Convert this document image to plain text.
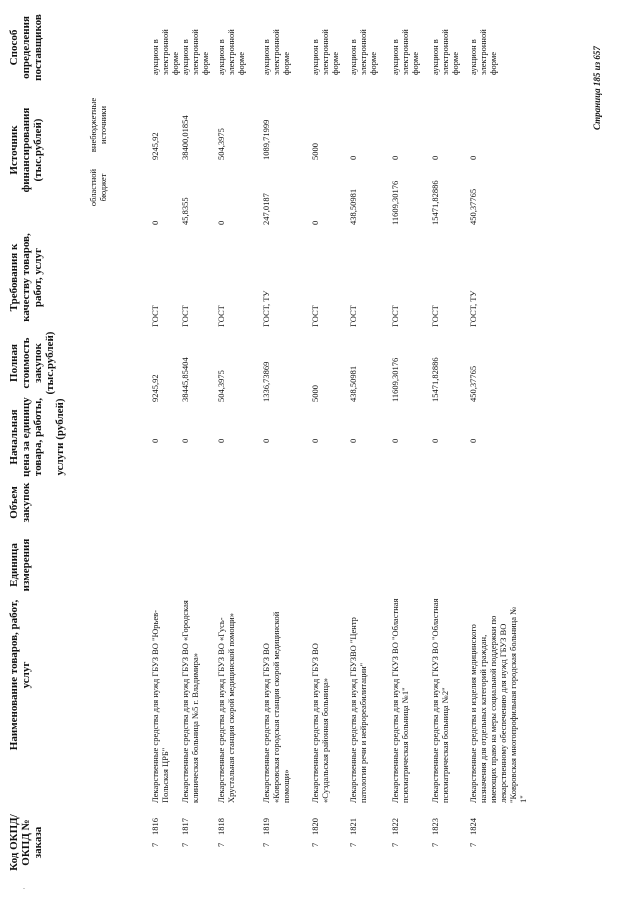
Код ОКПД/ ОКПД № заказа
Наименование товаров, работ, услуг
Единица измерения
Объем закупок
Начальная цена за единицу товара, работы, услуги (рублей)
Полная стоимость закупок (тыс.рублей)
Требования к качеству товаров, работ, услуг
Источник финансирования (тыс.рублей)
областной бюджет
внебюджетные источники
Способ определения поставщиков
7
1816
Лекарственные средства для нужд ГБУЗ ВО "Юрьев-Польская ЦРБ"
0
9245,92
ГОСТ
0
9245,92
аукцион в электронной форме
7
1817
Лекарственные средства для нужд ГБУЗ ВО «Городская клиническая больница №5 г. Владимира»
0
38445,85404
ГОСТ
45,8355
38400,01854
аукцион в электронной форме
7
1818
Лекарственные средства для нужд ГБУЗ ВО «Гусь-Хрустальная станция скорой медицинской помощи»
0
504,3975
ГОСТ
0
504,3975
аукцион в электронной форме
7
1819
Лекарственные средства для нужд ГБУЗ ВО «Ковровская городская станция скорой медицинской помощи»
0
1336,73869
ГОСТ, ТУ
247,0187
1089,71999
аукцион в электронной форме
7
1820
Лекарственные средства для нужд ГБУЗ ВО «Суздальская районная больница»
0
5000
ГОСТ
0
5000
аукцион в электронной форме
7
1821
Лекарственные средства для нужд ГБУЗВО "Центр патологии речи и нейрореабилитации"
0
438,50981
ГОСТ
438,50981
0
аукцион в электронной форме
7
1822
Лекарственные средства для нужд ГКУЗ ВО "Областная психиатрическая больница №1"
0
11609,30176
ГОСТ
11609,30176
0
аукцион в электронной форме
7
1823
Лекарственные средства для нужд ГКУЗ ВО "Областная психиатрическая больница №2"
0
15471,82886
ГОСТ
15471,82886
0
аукцион в электронной форме
7
1824
Лекарственные средства и изделия медицинского назначения для отдельных категорий граждан, имеющих право на меры социальной поддержки по лекарственному обеспечению для нужд ГБУЗ ВО "Ковровская многопрофильная городская больница № 1"
0
450,37765
ГОСТ, ТУ
450,37765
0
аукцион в электронной форме	Страница 185 из 657
.
